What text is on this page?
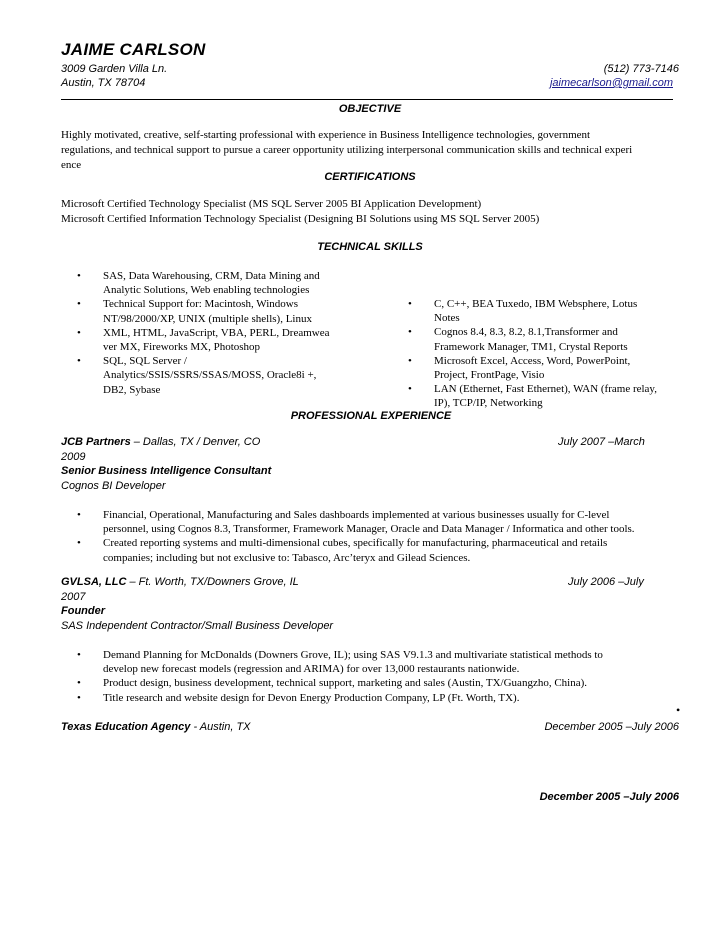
JAIME CARLSON
3009 Garden Villa Ln.
Austin, TX 78704
(512) 773-7146
jaimecarlson@gmail.com
OBJECTIVE
Highly motivated, creative, self-starting professional with experience in Business Intelligence technologies, government
regulations, and technical support to pursue a career opportunity utilizing interpersonal communication skills and technical experi
ence
CERTIFICATIONS
Microsoft Certified Technology Specialist (MS SQL Server 2005 BI Application Development)
Microsoft Certified Information Technology Specialist (Designing BI Solutions using MS SQL Server 2005)
TECHNICAL SKILLS
• SAS, Data Warehousing, CRM, Data Mining and
Analytic Solutions, Web enabling technologies
• Technical Support for: Macintosh, Windows
NT/98/2000/XP, UNIX (multiple shells), Linux
• XML, HTML, JavaScript, VBA, PERL, Dreamwea
ver MX, Fireworks MX, Photoshop
• SQL, SQL Server /
Analytics/SSIS/SSRS/SSAS/MOSS, Oracle8i +,
DB2, Sybase
• C, C++, BEA Tuxedo, IBM Websphere, Lotus
Notes
• Cognos 8.4, 8.3, 8.2, 8.1,Transformer and
Framework Manager, TM1, Crystal Reports
• Microsoft Excel, Access, Word, PowerPoint,
Project, FrontPage, Visio
• LAN (Ethernet, Fast Ethernet), WAN (frame relay,
IP), TCP/IP, Networking
PROFESSIONAL EXPERIENCE
JCB Partners – Dallas, TX / Denver, CO	July 2007 –March
2009
Senior Business Intelligence Consultant
Cognos BI Developer
• Financial, Operational, Manufacturing and Sales dashboards implemented at various businesses usually for C-level
personnel, using Cognos 8.3, Transformer, Framework Manager, Oracle and Data Manager / Informatica and other tools.
• Created reporting systems and multi-dimensional cubes, specifically for manufacturing, pharmaceutical and retails
companies; including but not exclusive to: Tabasco, Arc’teryx and Gilead Sciences.
GVLSA, LLC – Ft. Worth, TX/Downers Grove, IL	July 2006 –July
2007
Founder
SAS Independent Contractor/Small Business Developer
• Demand Planning for McDonalds (Downers Grove, IL); using SAS V9.1.3 and multivariate statistical methods to
develop new forecast models (regression and ARIMA) for over 13,000 restaurants nationwide.
• Product design, business development, technical support, marketing and sales (Austin, TX/Guangzho, China).
• Title research and website design for Devon Energy Production Company, LP (Ft. Worth, TX).
•
Texas Education Agency - Austin, TX	December 2005 –July 2006
December 2005 –July 2006
